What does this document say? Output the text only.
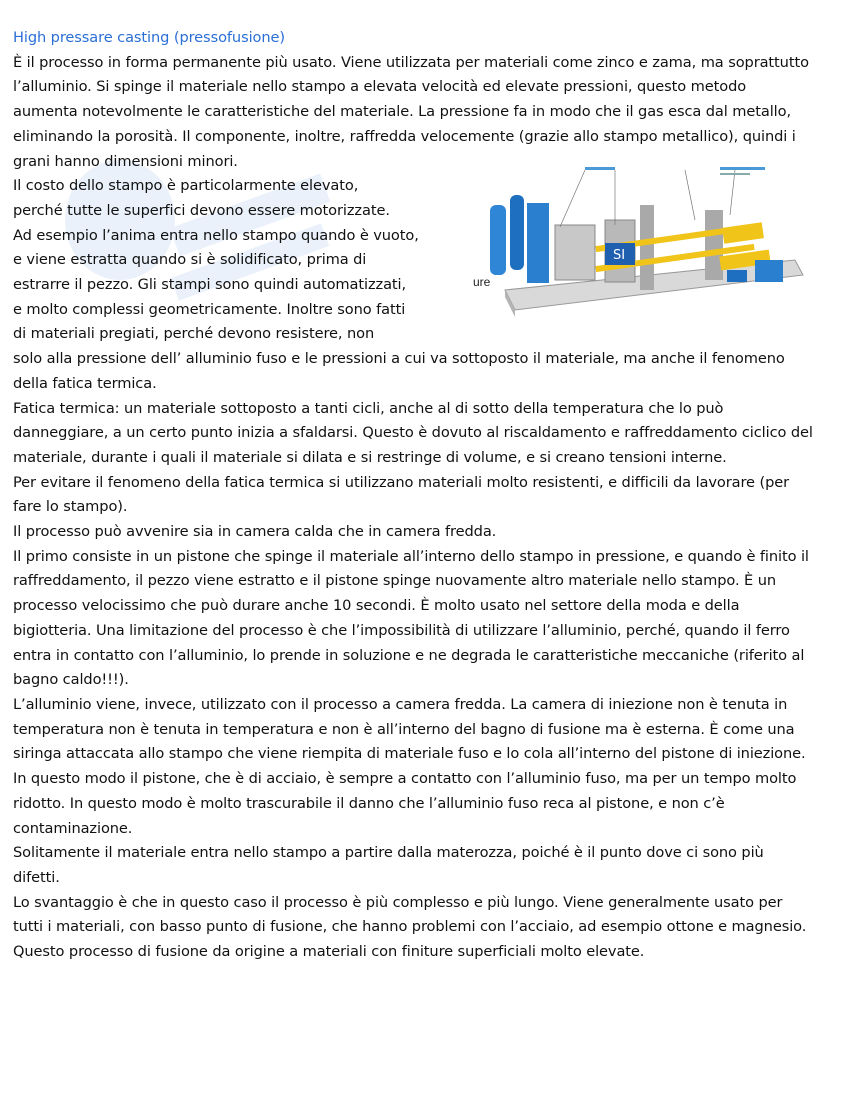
High pressare casting (pressofusione)

È il processo in forma permanente più usato. Viene utilizzata per materiali come zinco e zama, ma soprattutto l’alluminio. Si spinge il materiale nello stampo a elevata velocità ed elevate pressioni, questo metodo aumenta notevolmente le caratteristiche del materiale. La pressione fa in modo che il gas esca dal metallo, eliminando la porosità. Il componente, inoltre, raffredda velocemente (grazie allo stampo metallico), quindi i grani hanno dimensioni minori.

Il costo dello stampo è particolarmente elevato,

perché tutte le superfici devono essere motorizzate.

Ad esempio l’anima entra nello stampo quando è vuoto,

e viene estratta quando si è solidificato, prima di

estrarre il pezzo. Gli stampi sono quindi automatizzati,

e molto complessi geometricamente. Inoltre sono fatti

di materiali pregiati, perché devono resistere, non

solo alla pressione dell’ alluminio fuso e le pressioni a cui va sottoposto il materiale, ma anche il fenomeno della fatica termica.

Fatica termica: un materiale sottoposto a tanti cicli, anche al di sotto della temperatura che lo può danneggiare, a un certo punto inizia a sfaldarsi. Questo è dovuto al riscaldamento e raffreddamento ciclico del materiale, durante i quali il materiale si dilata e si restringe di volume, e si creano tensioni interne.

Per evitare il fenomeno della fatica termica si utilizzano materiali molto resistenti, e difficili da lavorare (per fare lo stampo).

Il processo può avvenire sia in camera calda che in camera fredda.

Il primo consiste in un pistone che spinge il materiale all’interno dello stampo in pressione, e quando è finito il raffreddamento, il pezzo viene estratto e il pistone spinge nuovamente altro materiale nello stampo. È un processo velocissimo che può durare anche 10 secondi. È molto usato nel settore della moda e della bigiotteria. Una limitazione del processo è che l’impossibilità di utilizzare l’alluminio, perché, quando il ferro entra in contatto con l’alluminio, lo prende in soluzione e ne degrada le caratteristiche meccaniche (riferito al bagno caldo!!!).

L’alluminio viene, invece, utilizzato con il processo a camera fredda. La camera di iniezione non è tenuta in temperatura non è tenuta in temperatura e non è all’interno del bagno di fusione ma è esterna. È come una siringa attaccata allo stampo che viene riempita di materiale fuso e lo cola all’interno del pistone di iniezione. In questo modo il pistone, che è di acciaio, è sempre a contatto con l’alluminio fuso, ma per un tempo molto ridotto. In questo modo è molto trascurabile il danno che l’alluminio fuso reca al pistone, e non c’è contaminazione.

Solitamente il materiale entra nello stampo a partire dalla materozza, poiché è il punto dove ci sono più difetti.

Lo svantaggio è che in questo caso il processo è più complesso e più lungo. Viene generalmente usato per tutti i materiali, con basso punto di fusione, che hanno problemi con l’acciaio, ad esempio ottone e magnesio.

Questo processo di fusione da origine a materiali con finiture superficiali molto elevate.

ure
SI
